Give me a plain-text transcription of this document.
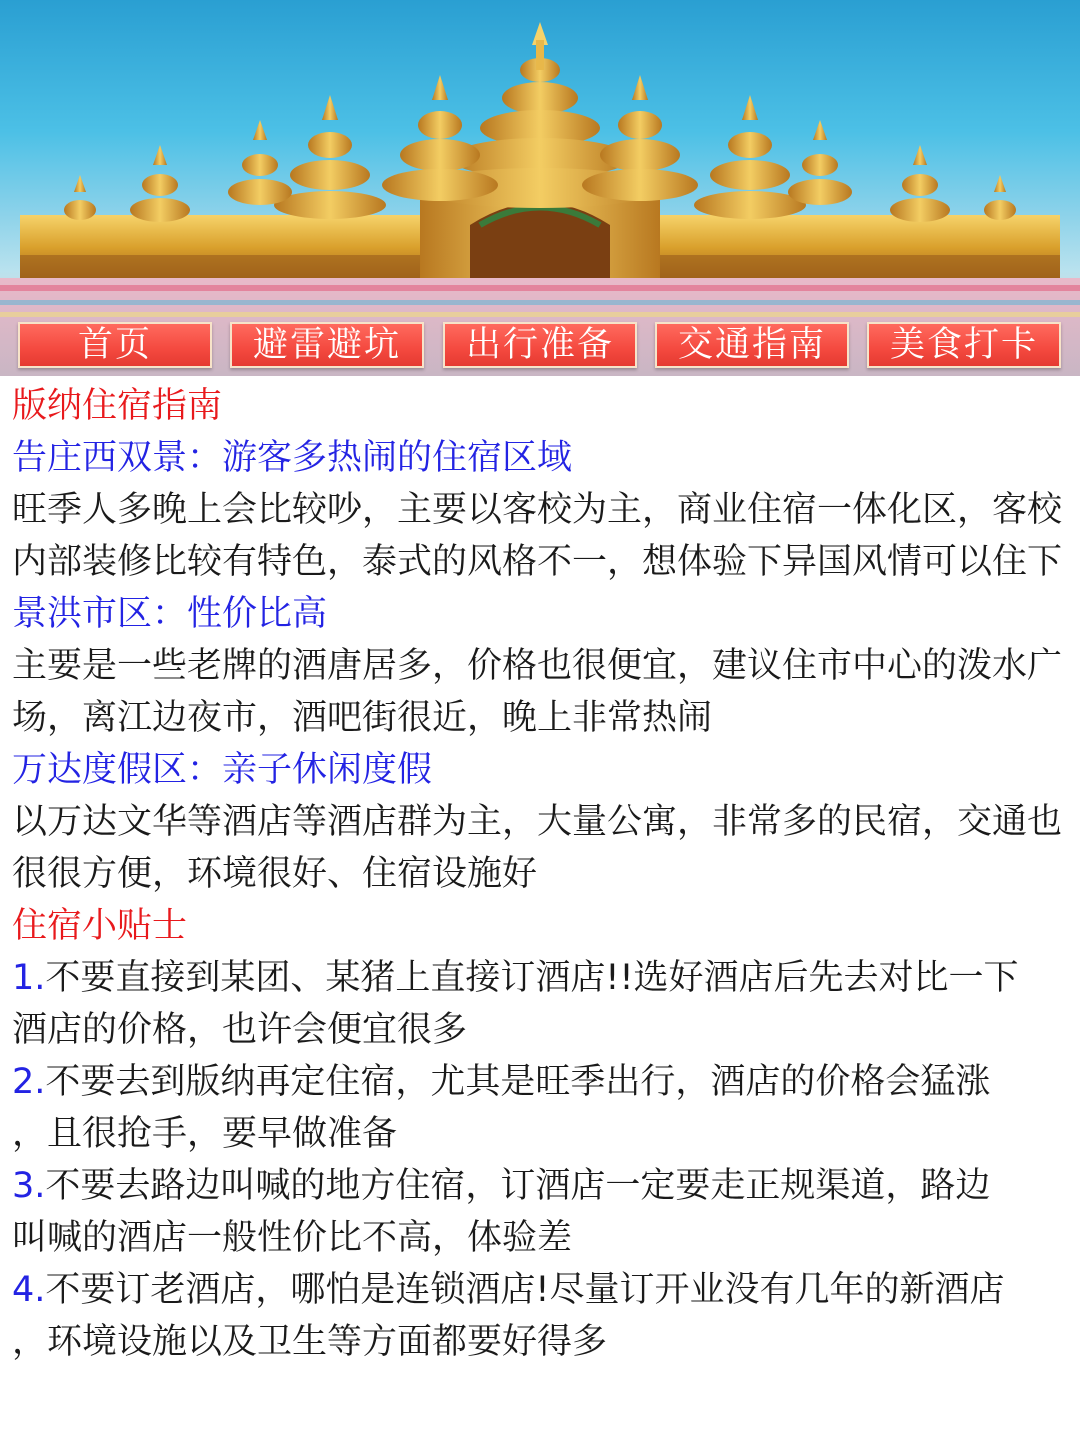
首页	避雷避坑	出行准备	交通指南	美食打卡

版纳住宿指南

告庄西双景：游客多热闹的住宿区域

旺季人多晚上会比较吵，主要以客校为主，商业住宿一体化区，客校内部装修比较有特色，泰式的风格不一，想体验下异国风情可以住下

景洪市区：性价比高

主要是一些老牌的酒唐居多，价格也很便宜，建议住市中心的泼水广场，离江边夜市，酒吧街很近，晚上非常热闹

万达度假区：亲子休闲度假

以万达文华等酒店等酒店群为主，大量公寓，非常多的民宿，交通也很很方便，环境很好、住宿设施好

住宿小贴士

1.不要直接到某团、某猪上直接订酒店!!选好酒店后先去对比一下

酒店的价格，也许会便宜很多

2.不要去到版纳再定住宿，尤其是旺季出行，酒店的价格会猛涨

，且很抢手，要早做准备

3.不要去路边叫喊的地方住宿，订酒店一定要走正规渠道，路边

叫喊的酒店一般性价比不高，体验差

4.不要订老酒店，哪怕是连锁酒店!尽量订开业没有几年的新酒店

，环境设施以及卫生等方面都要好得多
